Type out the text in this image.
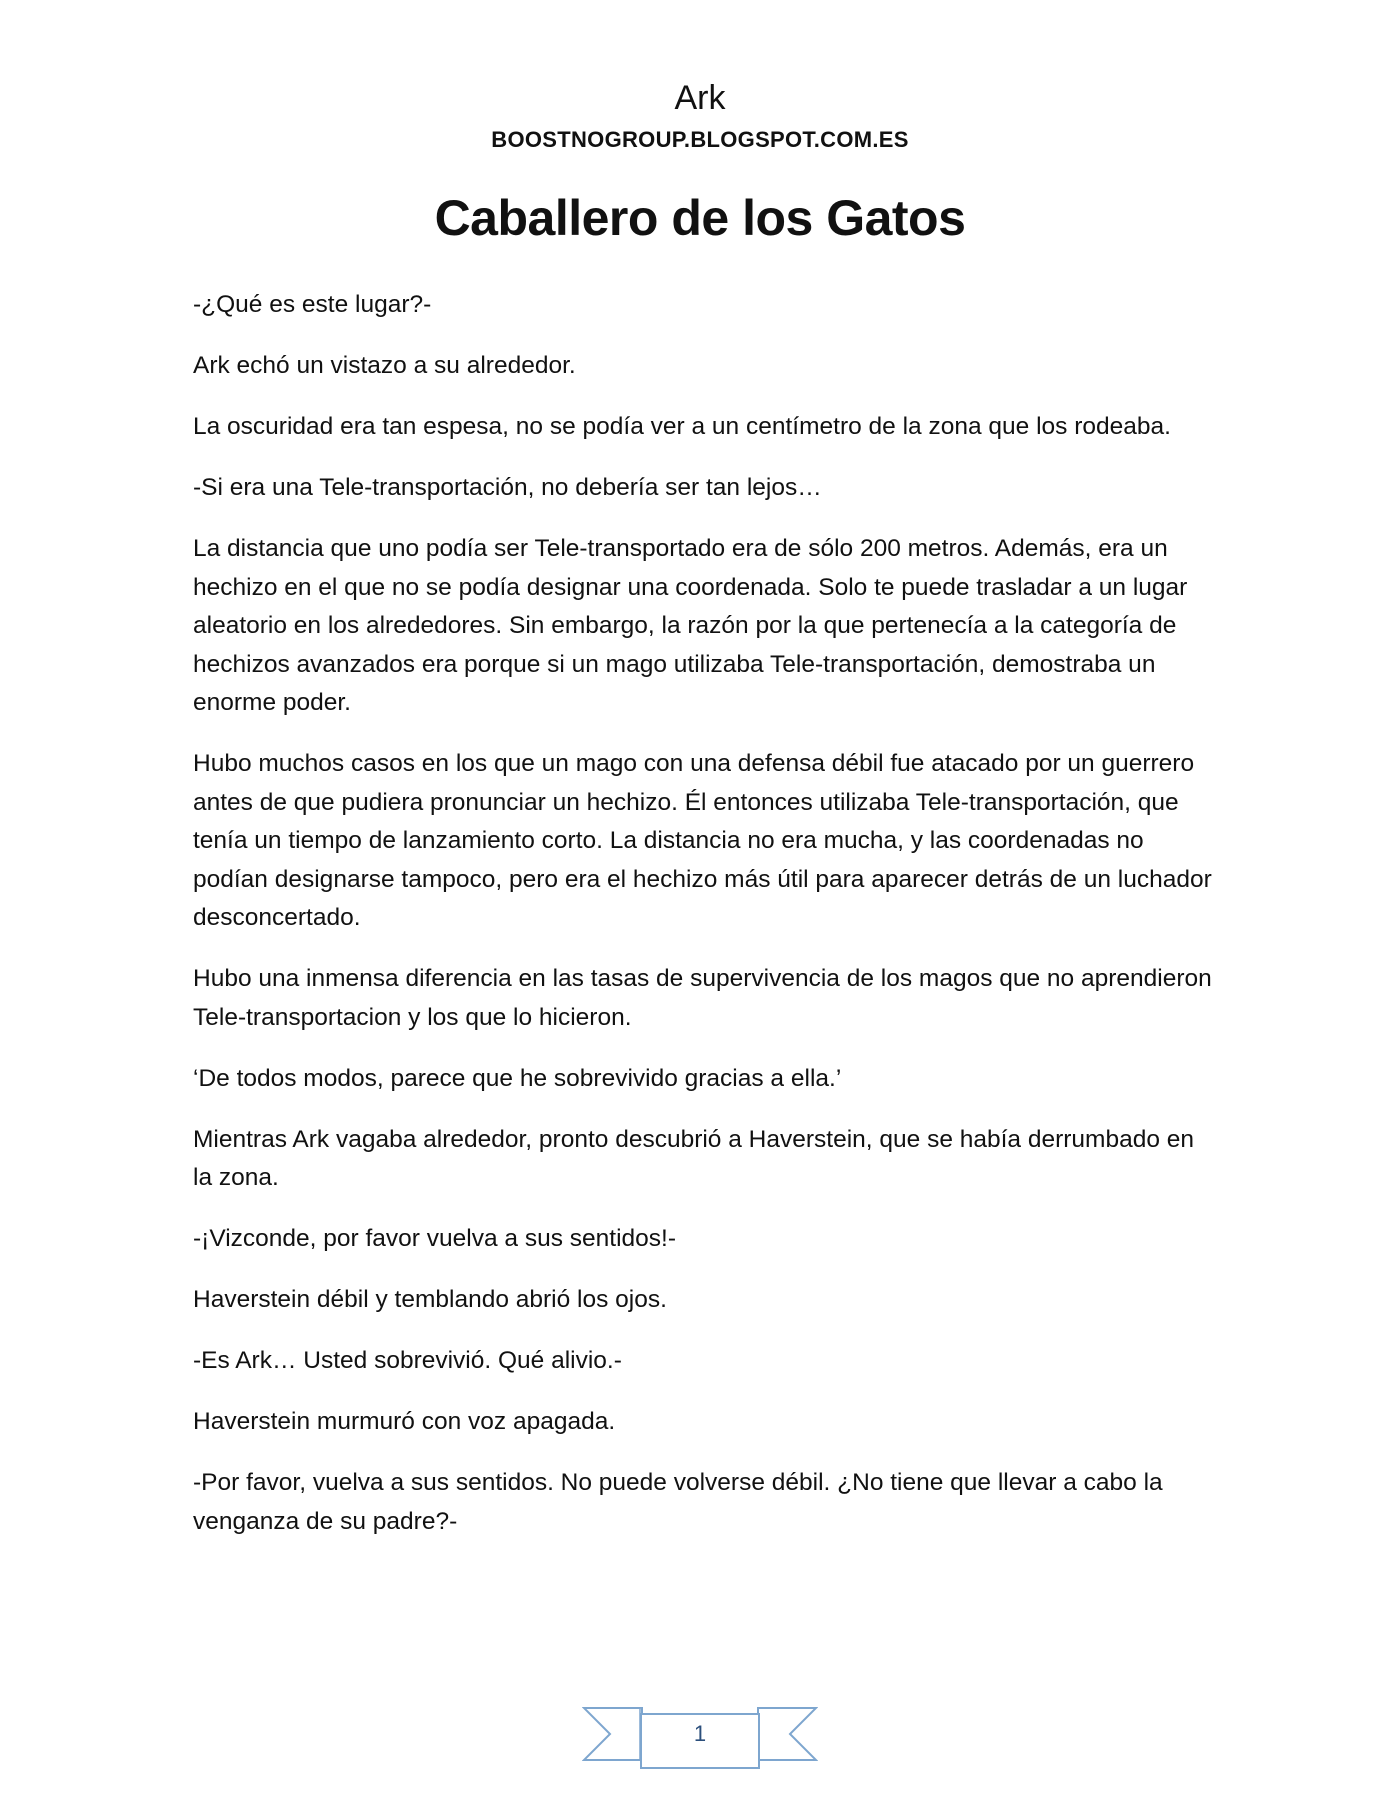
Ark
BOOSTNOGROUP.BLOGSPOT.COM.ES
Caballero de los Gatos

-¿Qué es este lugar?-

Ark echó un vistazo a su alrededor.

La oscuridad era tan espesa, no se podía ver a un centímetro de la zona que los rodeaba.

-Si era una Tele-transportación, no debería ser tan lejos…

La distancia que uno podía ser Tele-transportado era de sólo 200 metros. Además, era un hechizo en el que no se podía designar una coordenada. Solo te puede trasladar a un lugar aleatorio en los alrededores. Sin embargo, la razón por la que pertenecía a la categoría de hechizos avanzados era porque si un mago utilizaba Tele-transportación, demostraba un enorme poder.

Hubo muchos casos en los que un mago con una defensa débil fue atacado por un guerrero antes de que pudiera pronunciar un hechizo. Él entonces utilizaba Tele-transportación, que tenía un tiempo de lanzamiento corto. La distancia no era mucha, y las coordenadas no podían designarse tampoco, pero era el hechizo más útil para aparecer detrás de un luchador desconcertado.

Hubo una inmensa diferencia en las tasas de supervivencia de los magos que no aprendieron Tele-transportacion y los que lo hicieron.

‘De todos modos, parece que he sobrevivido gracias a ella.’

Mientras Ark vagaba alrededor, pronto descubrió a Haverstein, que se había derrumbado en la zona.

-¡Vizconde, por favor vuelva a sus sentidos!-

Haverstein débil y temblando abrió los ojos.

-Es Ark… Usted sobrevivió. Qué alivio.-

Haverstein murmuró con voz apagada.

-Por favor, vuelva a sus sentidos. No puede volverse débil. ¿No tiene que llevar a cabo la venganza de su padre?-

1
